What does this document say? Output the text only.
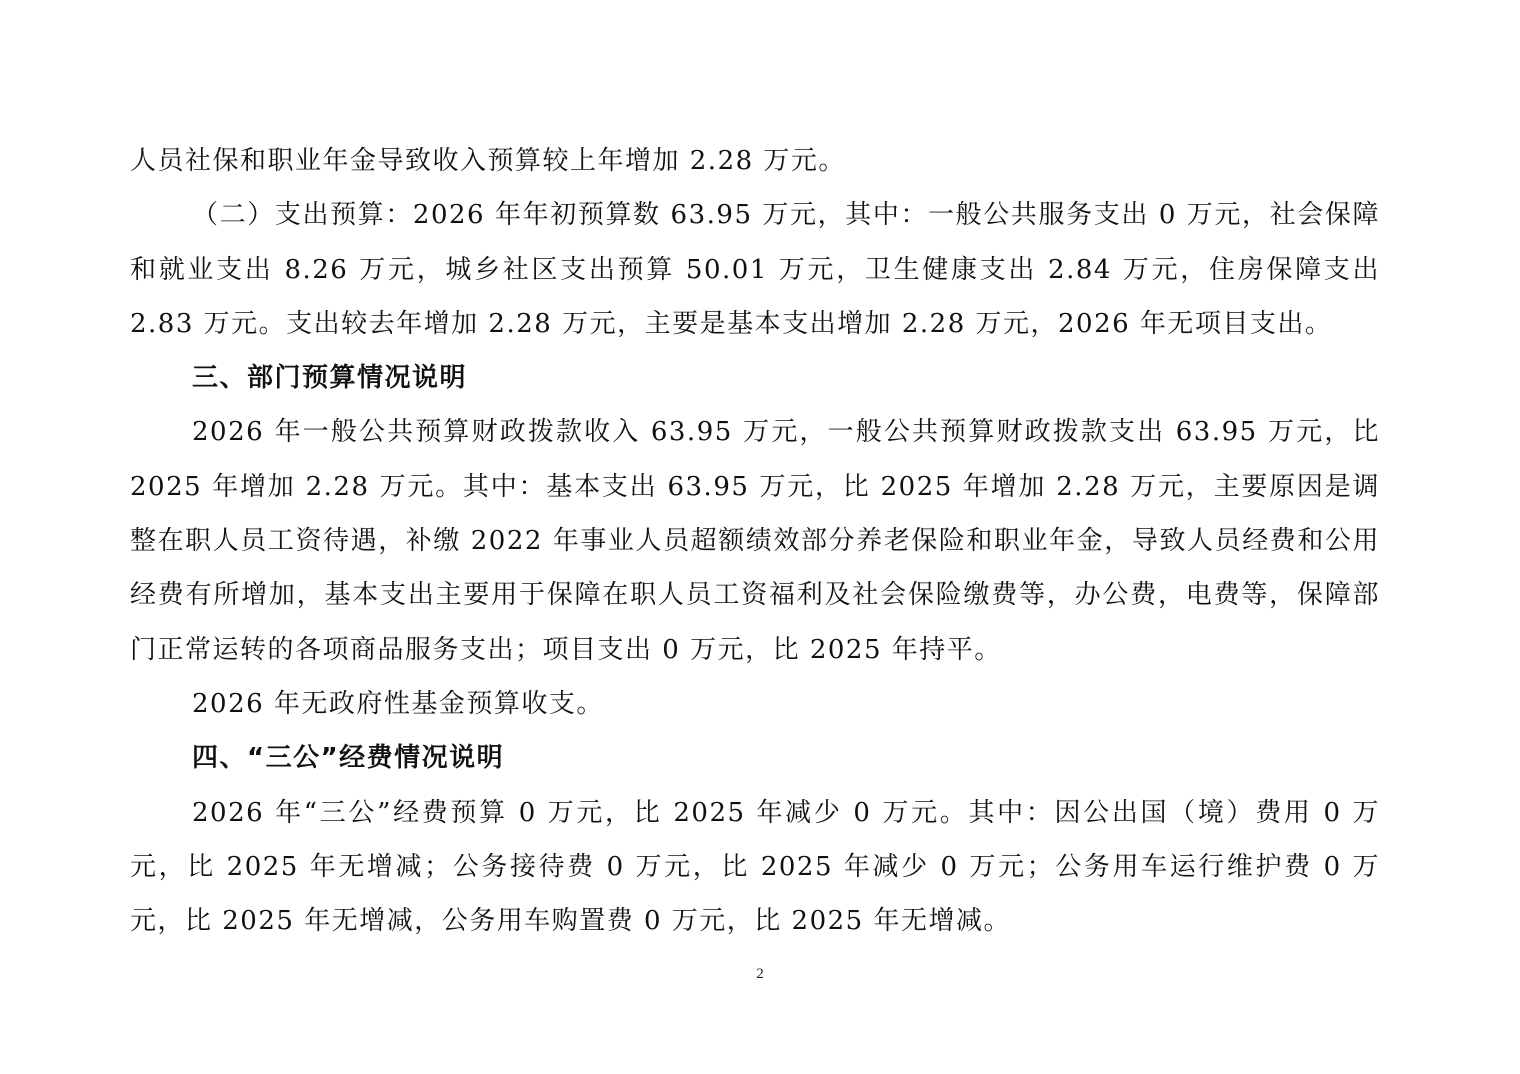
人员社保和职业年金导致收入预算较上年增加 2.28 万元。

（二）支出预算：2026 年年初预算数 63.95 万元，其中：一般公共服务支出 0 万元，社会保障和就业支出 8.26 万元，城乡社区支出预算 50.01 万元，卫生健康支出 2.84 万元，住房保障支出 2.83 万元。支出较去年增加 2.28 万元，主要是基本支出增加 2.28 万元，2026 年无项目支出。

三、部门预算情况说明

2026 年一般公共预算财政拨款收入 63.95 万元，一般公共预算财政拨款支出 63.95 万元，比 2025 年增加 2.28 万元。其中：基本支出 63.95 万元，比 2025 年增加 2.28 万元，主要原因是调整在职人员工资待遇，补缴 2022 年事业人员超额绩效部分养老保险和职业年金，导致人员经费和公用经费有所增加，基本支出主要用于保障在职人员工资福利及社会保险缴费等，办公费，电费等，保障部门正常运转的各项商品服务支出；项目支出 0 万元，比 2025 年持平。

2026 年无政府性基金预算收支。

四、“三公”经费情况说明

2026 年“三公”经费预算 0 万元，比 2025 年减少 0 万元。其中：因公出国（境）费用 0 万元，比 2025 年无增减；公务接待费 0 万元，比 2025 年减少 0 万元；公务用车运行维护费 0 万元，比 2025 年无增减，公务用车购置费 0 万元，比 2025 年无增减。

2
